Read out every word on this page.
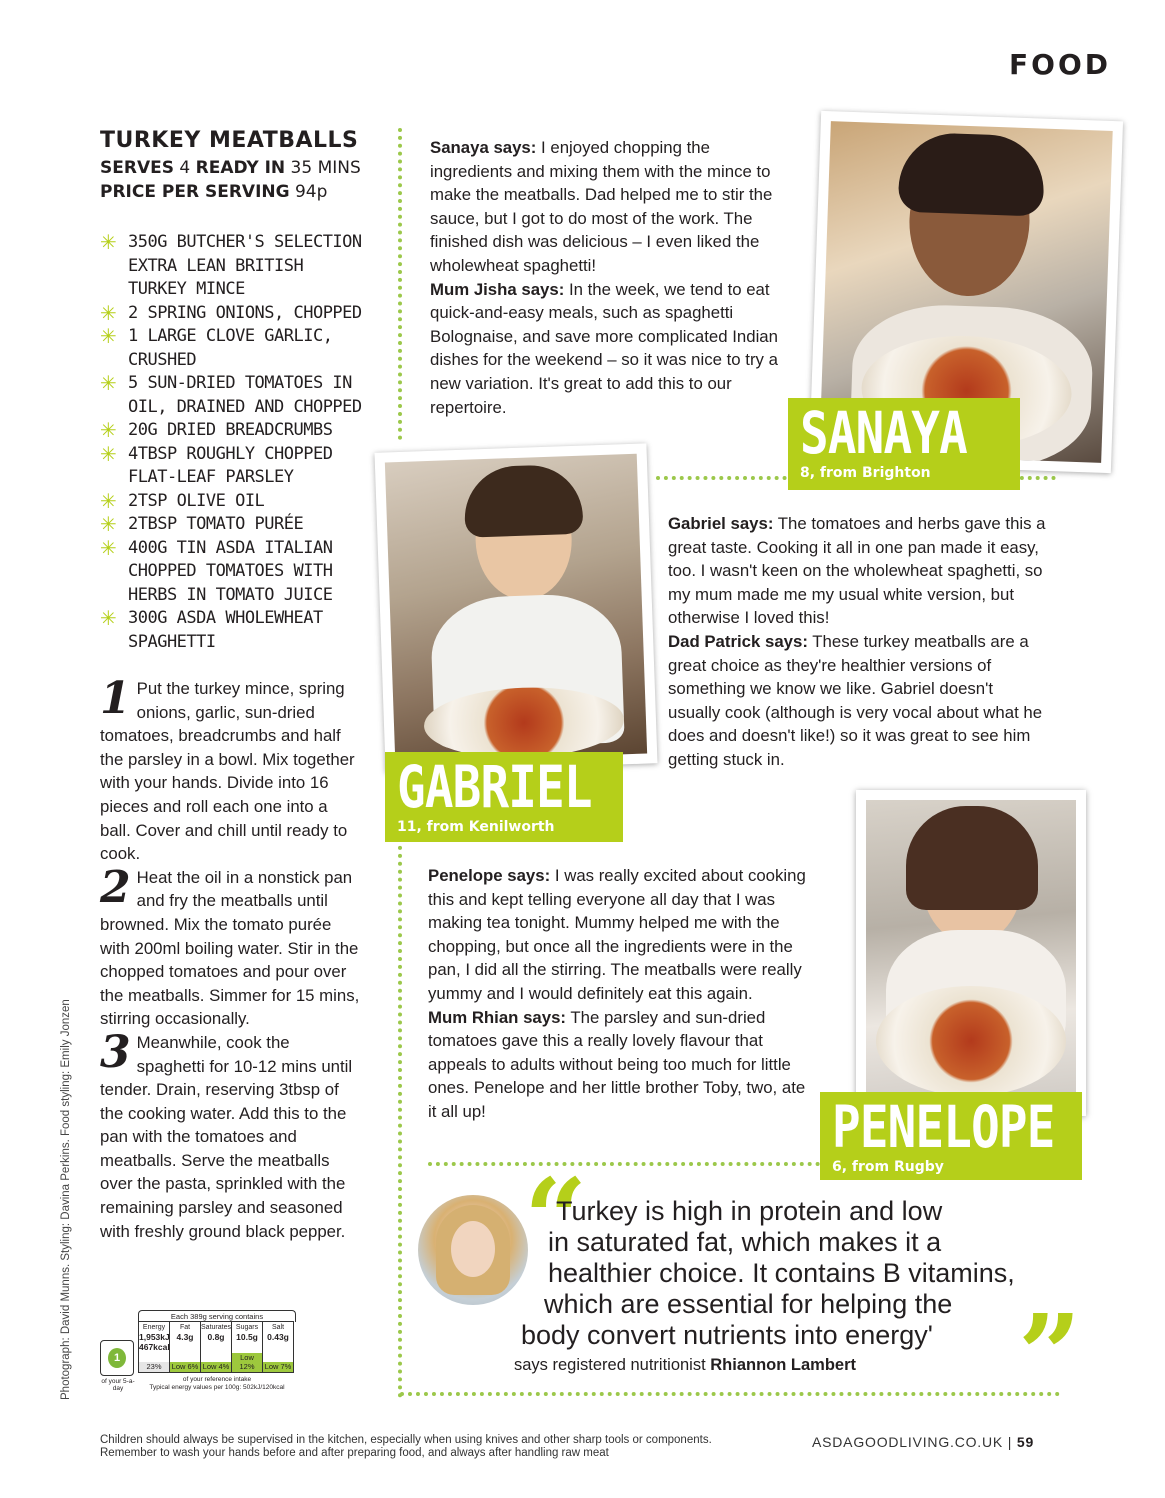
FOOD
TURKEY MEATBALLS
SERVES 4 READY IN 35 MINS
PRICE PER SERVING 94p
✳ 350G BUTCHER'S SELECTION EXTRA LEAN BRITISH TURKEY MINCE
✳ 2 SPRING ONIONS, CHOPPED
✳ 1 LARGE CLOVE GARLIC, CRUSHED
✳ 5 SUN-DRIED TOMATOES IN OIL, DRAINED AND CHOPPED
✳ 20G DRIED BREADCRUMBS
✳ 4TBSP ROUGHLY CHOPPED FLAT-LEAF PARSLEY
✳ 2TSP OLIVE OIL
✳ 2TBSP TOMATO PURÉE
✳ 400G TIN ASDA ITALIAN CHOPPED TOMATOES WITH HERBS IN TOMATO JUICE
✳ 300G ASDA WHOLEWHEAT SPAGHETTI
1 Put the turkey mince, spring onions, garlic, sun-dried tomatoes, breadcrumbs and half the parsley in a bowl. Mix together with your hands. Divide into 16 pieces and roll each one into a ball. Cover and chill until ready to cook.
2 Heat the oil in a nonstick pan and fry the meatballs until browned. Mix the tomato purée with 200ml boiling water. Stir in the chopped tomatoes and pour over the meatballs. Simmer for 15 mins, stirring occasionally.
3 Meanwhile, cook the spaghetti for 10-12 mins until tender. Drain, reserving 3tbsp of the cooking water. Add this to the pan with the tomatoes and meatballs. Serve the meatballs over the pasta, sprinkled with the remaining parsley and seasoned with freshly ground black pepper.
Each 389g serving contains
Energy
1,953kJ 467kcal
23%
Fat
4.3g
Low 6%
Saturates
0.8g
Low 4%
Sugars
10.5g
Low 12%
Salt
0.43g
Low 7%
1
of your 5-a-day
of your reference intake
Typical energy values per 100g: 502kJ/120kcal
Photograph: David Munns. Styling: Davina Perkins. Food styling: Emily Jonzen
Sanaya says: I enjoyed chopping the ingredients and mixing them with the mince to make the meatballs. Dad helped me to stir the sauce, but I got to do most of the work. The finished dish was delicious – I even liked the wholewheat spaghetti!
Mum Jisha says: In the week, we tend to eat quick-and-easy meals, such as spaghetti Bolognaise, and save more complicated Indian dishes for the weekend – so it was nice to try a new variation. It's great to add this to our repertoire.	SANAYA
8, from Brighton
GABRIEL
11, from Kenilworth
Gabriel says: The tomatoes and herbs gave this a great taste. Cooking it all in one pan made it easy, too. I wasn't keen on the wholewheat spaghetti, so my mum made me my usual white version, but otherwise I loved this!
Dad Patrick says: These turkey meatballs are a great choice as they're healthier versions of something we know we like. Gabriel doesn't usually cook (although is very vocal about what he does and doesn't like!) so it was great to see him getting stuck in.
PENELOPE
6, from Rugby
Penelope says: I was really excited about cooking this and kept telling everyone all day that I was making tea tonight. Mummy helped me with the chopping, but once all the ingredients were in the pan, I did all the stirring. The meatballs were really yummy and I would definitely eat this again.
Mum Rhian says: The parsley and sun-dried tomatoes gave this a really lovely flavour that appeals to adults without being too much for little ones. Penelope and her little brother Toby, two, ate it all up!
“
Turkey is high in protein and low
in saturated fat, which makes it a
healthier choice. It contains B vitamins,
which are essential for helping the
body convert nutrients into energy' ”
says registered nutritionist Rhiannon Lambert
Children should always be supervised in the kitchen, especially when using knives and other sharp tools or components.
Remember to wash your hands before and after preparing food, and always after handling raw meat
ASDAGOODLIVING.CO.UK | 59
